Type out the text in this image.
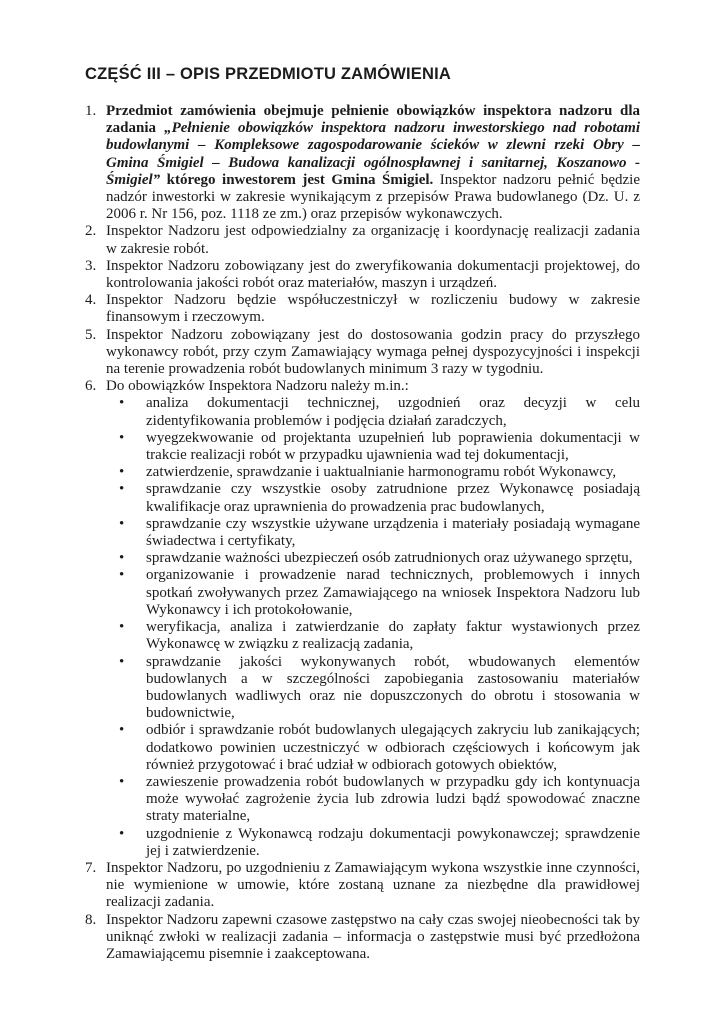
CZĘŚĆ III – OPIS PRZEDMIOTU ZAMÓWIENIA
1. Przedmiot zamówienia obejmuje pełnienie obowiązków inspektora nadzoru dla zadania „Pełnienie obowiązków inspektora nadzoru inwestorskiego nad robotami budowlanymi – Kompleksowe zagospodarowanie ścieków w zlewni rzeki Obry – Gmina Śmigiel – Budowa kanalizacji ogólnospławnej i sanitarnej, Koszanowo - Śmigiel” którego inwestorem jest Gmina Śmigiel. Inspektor nadzoru pełnić będzie nadzór inwestorki w zakresie wynikającym z przepisów Prawa budowlanego (Dz. U. z 2006 r. Nr 156, poz. 1118 ze zm.) oraz przepisów wykonawczych.

2. Inspektor Nadzoru jest odpowiedzialny za organizację i koordynację realizacji zadania w zakresie robót.

3. Inspektor Nadzoru zobowiązany jest do zweryfikowania dokumentacji projektowej, do kontrolowania jakości robót oraz materiałów, maszyn i urządzeń.

4. Inspektor Nadzoru będzie współuczestniczył w rozliczeniu budowy w zakresie finansowym i rzeczowym.

5. Inspektor Nadzoru zobowiązany jest do dostosowania godzin pracy do przyszłego wykonawcy robót, przy czym Zamawiający wymaga pełnej dyspozycyjności i inspekcji na terenie prowadzenia robót budowlanych minimum 3 razy w tygodniu.

6. Do obowiązków Inspektora Nadzoru należy m.in.:

• analiza dokumentacji technicznej, uzgodnień oraz decyzji w celu zidentyfikowania problemów i podjęcia działań zaradczych,
• wyegzekwowanie od projektanta uzupełnień lub poprawienia dokumentacji w trakcie realizacji robót w przypadku ujawnienia wad tej dokumentacji,
• zatwierdzenie, sprawdzanie i uaktualnianie harmonogramu robót Wykonawcy,
• sprawdzanie czy wszystkie osoby zatrudnione przez Wykonawcę posiadają kwalifikacje oraz uprawnienia do prowadzenia prac budowlanych,
• sprawdzanie czy wszystkie używane urządzenia i materiały posiadają wymagane świadectwa i certyfikaty,
• sprawdzanie ważności ubezpieczeń osób zatrudnionych oraz używanego sprzętu,
• organizowanie i prowadzenie narad technicznych, problemowych i innych spotkań zwoływanych przez Zamawiającego na wniosek Inspektora Nadzoru lub Wykonawcy i ich protokołowanie,
• weryfikacja, analiza i zatwierdzanie do zapłaty faktur wystawionych przez Wykonawcę w związku z realizacją zadania,
• sprawdzanie jakości wykonywanych robót, wbudowanych elementów budowlanych a w szczególności zapobiegania zastosowaniu materiałów budowlanych wadliwych oraz nie dopuszczonych do obrotu i stosowania w budownictwie,
• odbiór i sprawdzanie robót budowlanych ulegających zakryciu lub zanikających; dodatkowo powinien uczestniczyć w odbiorach częściowych i końcowym jak również przygotować i brać udział w odbiorach gotowych obiektów,
• zawieszenie prowadzenia robót budowlanych w przypadku gdy ich kontynuacja może wywołać zagrożenie życia lub zdrowia ludzi bądź spowodować znaczne straty materialne,
• uzgodnienie z Wykonawcą rodzaju dokumentacji powykonawczej; sprawdzenie jej i zatwierdzenie.
7. Inspektor Nadzoru, po uzgodnieniu z Zamawiającym wykona wszystkie inne czynności, nie wymienione w umowie, które zostaną uznane za niezbędne dla prawidłowej realizacji zadania.

8. Inspektor Nadzoru zapewni czasowe zastępstwo na cały czas swojej nieobecności tak by uniknąć zwłoki w realizacji zadania – informacja o zastępstwie musi być przedłożona Zamawiającemu pisemnie i zaakceptowana.
